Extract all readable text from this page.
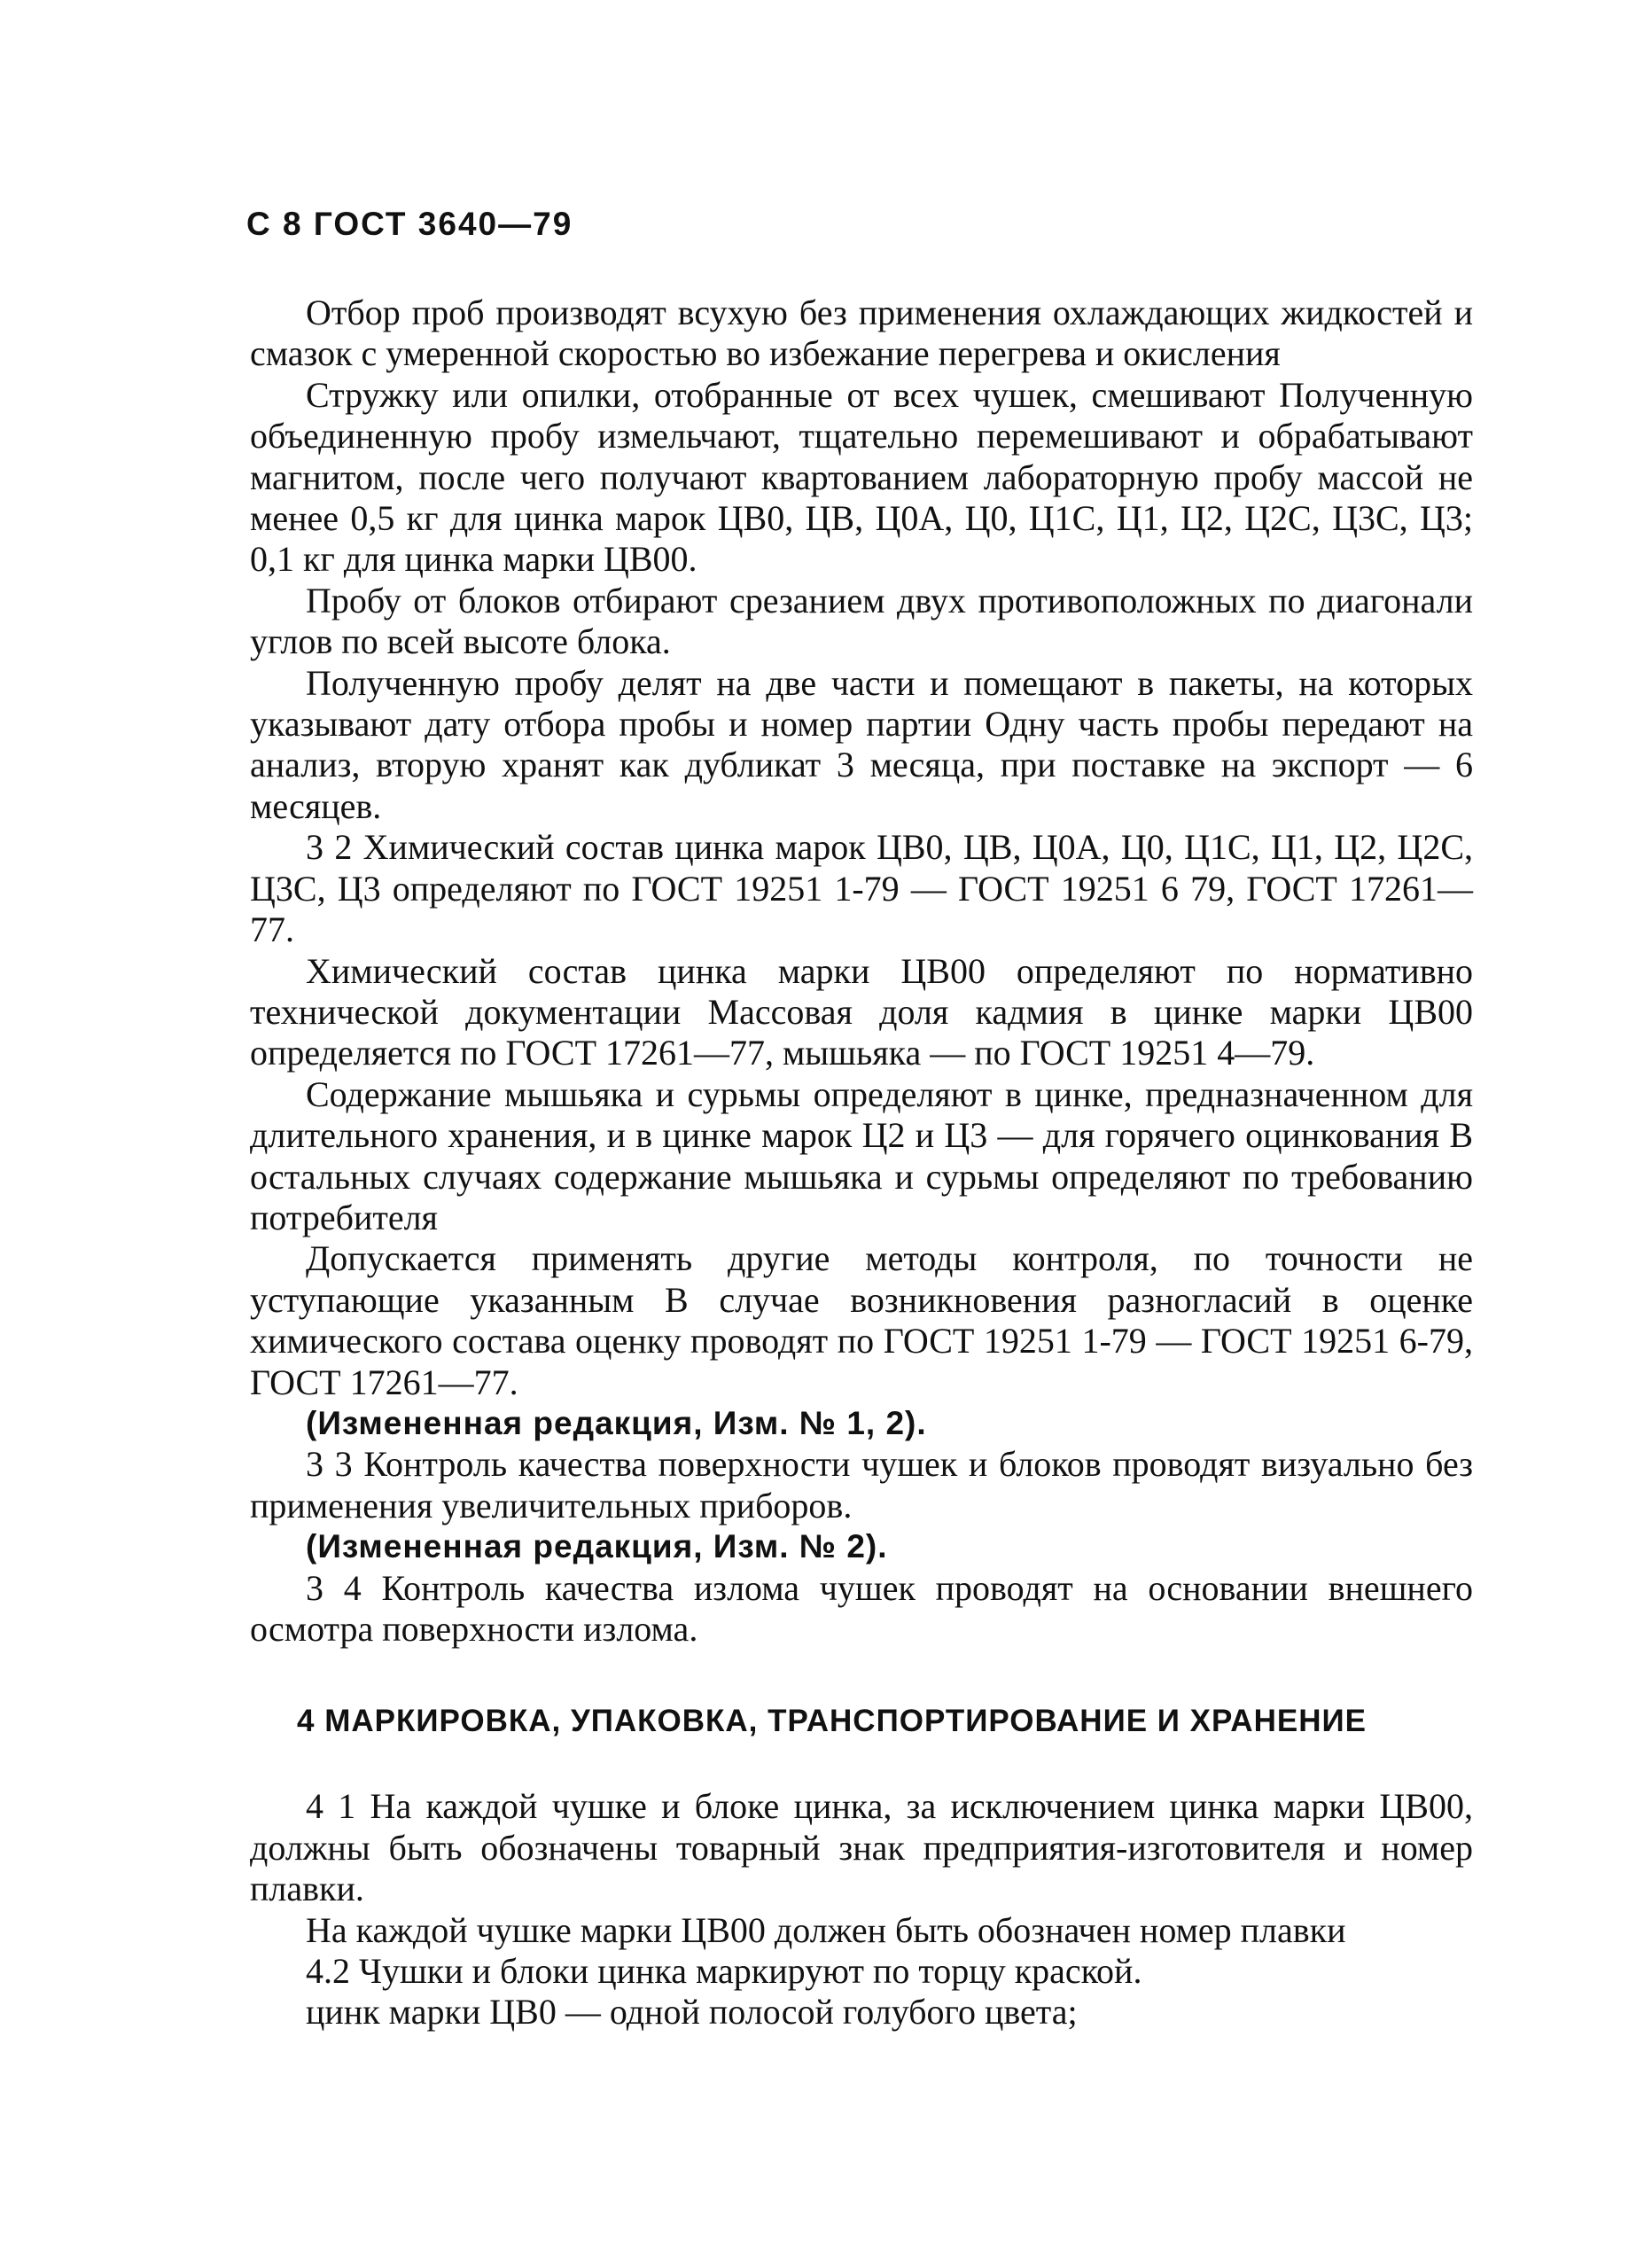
С 8 ГОСТ 3640—79

Отбор проб производят всухую без применения охлаждающих жидкостей и смазок с умеренной скоростью во избежание перегрева и окисления

Стружку или опилки, отобранные от всех чушек, смешивают Полученную объединенную пробу измельчают, тщательно перемешивают и обрабатывают магнитом, после чего получают квартованием лабораторную пробу массой не менее 0,5 кг для цинка марок ЦВ0, ЦВ, Ц0А, Ц0, Ц1С, Ц1, Ц2, Ц2С, Ц3С, Ц3; 0,1 кг для цинка марки ЦВ00.

Пробу от блоков отбирают срезанием двух противоположных по диагонали углов по всей высоте блока.

Полученную пробу делят на две части и помещают в пакеты, на которых указывают дату отбора пробы и номер партии Одну часть пробы передают на анализ, вторую хранят как дубликат 3 месяца, при поставке на экспорт — 6 месяцев.

3 2 Химический состав цинка марок ЦВ0, ЦВ, Ц0А, Ц0, Ц1С, Ц1, Ц2, Ц2С, Ц3С, Ц3 определяют по ГОСТ 19251 1-79 — ГОСТ 19251 6 79, ГОСТ 17261—77.

Химический состав цинка марки ЦВ00 определяют по нормативно технической документации Массовая доля кадмия в цинке марки ЦВ00 определяется по ГОСТ 17261—77, мышьяка — по ГОСТ 19251 4—79.

Содержание мышьяка и сурьмы определяют в цинке, предназначенном для длительного хранения, и в цинке марок Ц2 и Ц3 — для горячего оцинкования В остальных случаях содержание мышьяка и сурьмы определяют по требованию потребителя

Допускается применять другие методы контроля, по точности не уступающие указанным В случае возникновения разногласий в оценке химического состава оценку проводят по ГОСТ 19251 1-79 — ГОСТ 19251 6-79, ГОСТ 17261—77.

(Измененная редакция, Изм. № 1, 2).

3 3 Контроль качества поверхности чушек и блоков проводят визуально без применения увеличительных приборов.

(Измененная редакция, Изм. № 2).

3 4 Контроль качества излома чушек проводят на основании внешнего осмотра поверхности излома.

4 МАРКИРОВКА, УПАКОВКА, ТРАНСПОРТИРОВАНИЕ И ХРАНЕНИЕ

4 1 На каждой чушке и блоке цинка, за исключением цинка марки ЦВ00, должны быть обозначены товарный знак предприятия-изготовителя и номер плавки.

На каждой чушке марки ЦВ00 должен быть обозначен номер плавки

4.2 Чушки и блоки цинка маркируют по торцу краской.

цинк марки ЦВ0 — одной полосой голубого цвета;
